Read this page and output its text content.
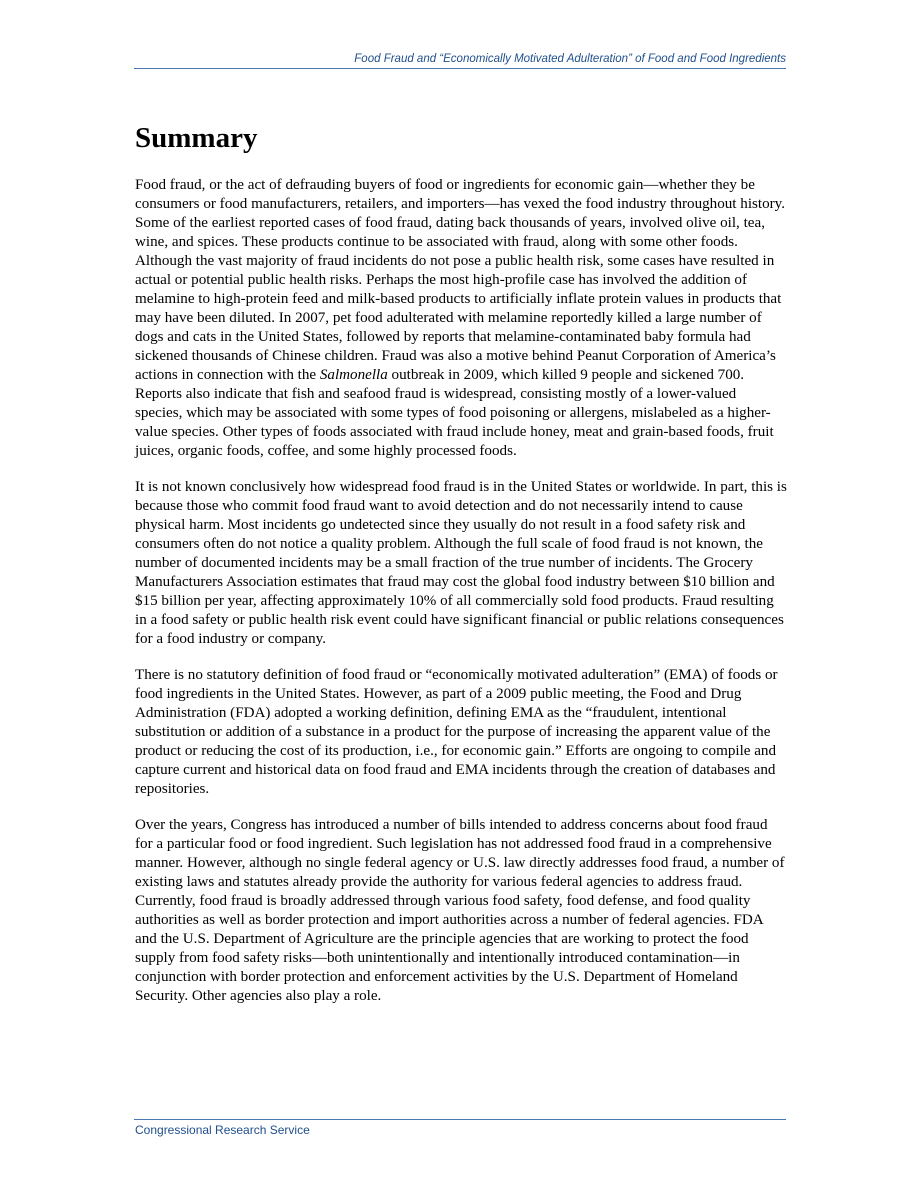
Food Fraud and “Economically Motivated Adulteration” of Food and Food Ingredients
Summary

Food fraud, or the act of defrauding buyers of food or ingredients for economic gain—whether they be consumers or food manufacturers, retailers, and importers—has vexed the food industry throughout history. Some of the earliest reported cases of food fraud, dating back thousands of years, involved olive oil, tea, wine, and spices. These products continue to be associated with fraud, along with some other foods. Although the vast majority of fraud incidents do not pose a public health risk, some cases have resulted in actual or potential public health risks. Perhaps the most high-profile case has involved the addition of melamine to high-protein feed and milk-based products to artificially inflate protein values in products that may have been diluted. In 2007, pet food adulterated with melamine reportedly killed a large number of dogs and cats in the United States, followed by reports that melamine-contaminated baby formula had sickened thousands of Chinese children. Fraud was also a motive behind Peanut Corporation of America’s actions in connection with the Salmonella outbreak in 2009, which killed 9 people and sickened 700. Reports also indicate that fish and seafood fraud is widespread, consisting mostly of a lower-valued species, which may be associated with some types of food poisoning or allergens, mislabeled as a higher-value species. Other types of foods associated with fraud include honey, meat and grain-based foods, fruit juices, organic foods, coffee, and some highly processed foods.

It is not known conclusively how widespread food fraud is in the United States or worldwide. In part, this is because those who commit food fraud want to avoid detection and do not necessarily intend to cause physical harm. Most incidents go undetected since they usually do not result in a food safety risk and consumers often do not notice a quality problem. Although the full scale of food fraud is not known, the number of documented incidents may be a small fraction of the true number of incidents. The Grocery Manufacturers Association estimates that fraud may cost the global food industry between $10 billion and $15 billion per year, affecting approximately 10% of all commercially sold food products. Fraud resulting in a food safety or public health risk event could have significant financial or public relations consequences for a food industry or company.

There is no statutory definition of food fraud or “economically motivated adulteration” (EMA) of foods or food ingredients in the United States. However, as part of a 2009 public meeting, the Food and Drug Administration (FDA) adopted a working definition, defining EMA as the “fraudulent, intentional substitution or addition of a substance in a product for the purpose of increasing the apparent value of the product or reducing the cost of its production, i.e., for economic gain.” Efforts are ongoing to compile and capture current and historical data on food fraud and EMA incidents through the creation of databases and repositories.

Over the years, Congress has introduced a number of bills intended to address concerns about food fraud for a particular food or food ingredient. Such legislation has not addressed food fraud in a comprehensive manner. However, although no single federal agency or U.S. law directly addresses food fraud, a number of existing laws and statutes already provide the authority for various federal agencies to address fraud. Currently, food fraud is broadly addressed through various food safety, food defense, and food quality authorities as well as border protection and import authorities across a number of federal agencies. FDA and the U.S. Department of Agriculture are the principle agencies that are working to protect the food supply from food safety risks—both unintentionally and intentionally introduced contamination—in conjunction with border protection and enforcement activities by the U.S. Department of Homeland Security. Other agencies also play a role.

Congressional Research Service
